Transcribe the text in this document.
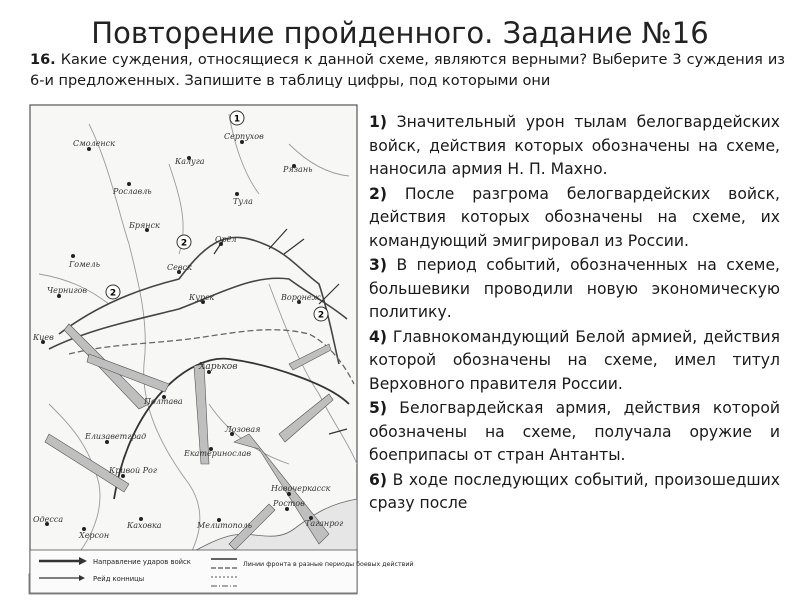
Повторение пройденного. Задание №16
16. Какие суждения, относящиеся к данной схеме, являются верными? Выберите 3 суждения из 6-и предложенных. Запишите в таблицу цифры, под которыми они
Смоленск
Серпухов
Калуга
Рязань
Рославль
Тула
Брянск
Гомель
Орёл
Севск
Чернигов
Курск	Воронеж
Киев
Харьков
Полтава
Елизаветград
Лозовая
Екатеринослав
Кривой Рог
Новочеркасск
Ростов
Таганрог
Каховка
Одесса
Херсон
Мелитополь
1
2
2
2
Направление ударов войск
Рейд конницы
Линии фронта в разные периоды боевых действий
1) Значительный урон тылам белогвардейских войск, действия которых обозначены на схеме, наносила армия Н. П. Махно.
2) После разгрома белогвардейских войск, действия которых обозначены на схеме, их командующий эмигрировал из России.
3) В период событий, обозначенных на схеме, большевики проводили новую экономическую политику.
4) Главнокомандующий Белой армией, действия которой обозначены на схеме, имел титул Верховного правителя России.
5) Белогвардейская армия, действия которой обозначены на схеме, получала оружие и боеприпасы от стран Антанты.
6) В ходе последующих событий, произошедших сразу после
